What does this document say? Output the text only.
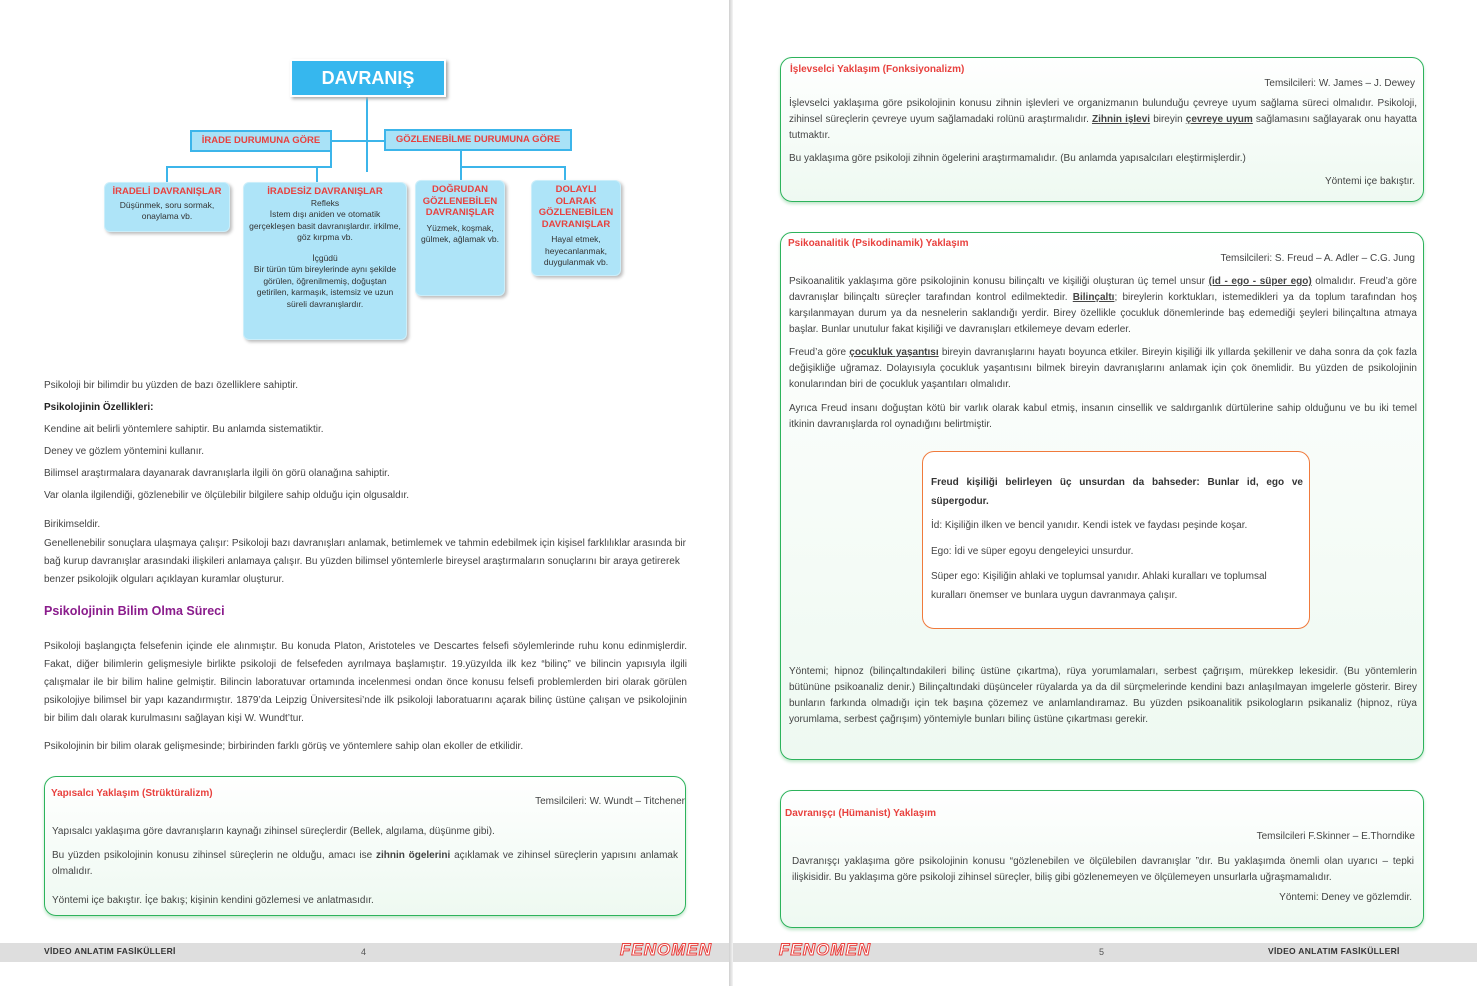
DAVRANIŞ
İRADE DURUMUNA GÖRE	GÖZLENEBİLME DURUMUNA GÖRE
İRADELİ DAVRANIŞLAR
Düşünmek, soru sormak, onaylama vb.
İRADESİZ DAVRANIŞLAR
Refleks
İstem dışı aniden ve otomatik gerçekleşen basit davranışlardır. irkilme, göz kırpma vb.
İçgüdü
Bir türün tüm bireylerinde aynı şekilde görülen, öğrenilmemiş, doğuştan getirilen, karmaşık, istemsiz ve uzun süreli davranışlardır.
DOĞRUDAN GÖZLENEBİLEN DAVRANIŞLAR
Yüzmek, koşmak, gülmek, ağlamak vb.
DOLAYLI OLARAK GÖZLENEBİLEN DAVRANIŞLAR
Hayal etmek, heyecanlanmak, duygulanmak vb.
Psikoloji bir bilimdir bu yüzden de bazı özelliklere sahiptir.
Psikolojinin Özellikleri:
Kendine ait belirli yöntemlere sahiptir. Bu anlamda sistematiktir.
Deney ve gözlem yöntemini kullanır.
Bilimsel araştırmalara dayanarak davranışlarla ilgili ön görü olanağına sahiptir.
Var olanla ilgilendiği, gözlenebilir ve ölçülebilir bilgilere sahip olduğu için olgusaldır.
Birikimseldir.
Genellenebilir sonuçlara ulaşmaya çalışır: Psikoloji bazı davranışları anlamak, betimlemek ve tahmin edebilmek için kişisel farklılıklar arasında bir bağ kurup davranışlar arasındaki ilişkileri anlamaya çalışır. Bu yüzden bilimsel yöntemlerle bireysel araştırmaların sonuçlarını bir araya getirerek benzer psikolojik olguları açıklayan kuramlar oluşturur.
Psikolojinin Bilim Olma Süreci
Psikoloji başlangıçta felsefenin içinde ele alınmıştır. Bu konuda Platon, Aristoteles ve Descartes felsefi söylemlerinde ruhu konu edinmişlerdir. Fakat, diğer bilimlerin gelişmesiyle birlikte psikoloji de felsefeden ayrılmaya başlamıştır. 19.yüzyılda ilk kez “bilinç” ve bilincin yapısıyla ilgili çalışmalar ile bir bilim haline gelmiştir. Bilincin laboratuvar ortamında incelenmesi ondan önce konusu felsefi problemlerden biri olarak görülen psikolojiye bilimsel bir yapı kazandırmıştır. 1879’da Leipzig Üniversitesi’nde ilk psikoloji laboratuarını açarak bilinç üstüne çalışan ve psikolojinin bir bilim dalı olarak kurulmasını sağlayan kişi W. Wundt’tur.
Psikolojinin bir bilim olarak gelişmesinde; birbirinden farklı görüş ve yöntemlere sahip olan ekoller de etkilidir.
Yapısalcı Yaklaşım (Strüktüralizm)
Temsilcileri: W. Wundt – Titchener

Yapısalcı yaklaşıma göre davranışların kaynağı zihinsel süreçlerdir (Bellek, algılama, düşünme gibi).

Bu yüzden psikolojinin konusu zihinsel süreçlerin ne olduğu, amacı ise zihnin ögelerini açıklamak ve zihinsel süreçlerin yapısını anlamak olmalıdır.

Yöntemi içe bakıştır. İçe bakış; kişinin kendini gözlemesi ve anlatmasıdır.

VİDEO ANLATIM FASİKÜLLERİ	4	FENOMEN
İşlevselci Yaklaşım (Fonksiyonalizm)
Temsilcileri: W. James – J. Dewey

İşlevselci yaklaşıma göre psikolojinin konusu zihnin işlevleri ve organizmanın bulunduğu çevreye uyum sağlama süreci olmalıdır. Psikoloji, zihinsel süreçlerin çevreye uyum sağlamadaki rolünü araştırmalıdır. Zihnin işlevi bireyin çevreye uyum sağlamasını sağlayarak onu hayatta tutmaktır.

Bu yaklaşıma göre psikoloji zihnin ögelerini araştırmamalıdır. (Bu anlamda yapısalcıları eleştirmişlerdir.)

Yöntemi içe bakıştır.

Psikoanalitik (Psikodinamik) Yaklaşım
Temsilcileri: S. Freud – A. Adler – C.G. Jung

Psikoanalitik yaklaşıma göre psikolojinin konusu bilinçaltı ve kişiliği oluşturan üç temel unsur (id - ego - süper ego) olmalıdır. Freud’a göre davranışlar bilinçaltı süreçler tarafından kontrol edilmektedir. Bilinçaltı; bireylerin korktukları, istemedikleri ya da toplum tarafından hoş karşılanmayan durum ya da nesnelerin saklandığı yerdir. Birey özellikle çocukluk dönemlerinde baş edemediği şeyleri bilinçaltına atmaya başlar. Bunlar unutulur fakat kişiliği ve davranışları etkilemeye devam ederler.

Freud’a göre çocukluk yaşantısı bireyin davranışlarını hayatı boyunca etkiler. Bireyin kişiliği ilk yıllarda şekillenir ve daha sonra da çok fazla değişikliğe uğramaz. Dolayısıyla çocukluk yaşantısını bilmek bireyin davranışlarını anlamak için çok önemlidir. Bu yüzden de psikolojinin konularından biri de çocukluk yaşantıları olmalıdır.

Ayrıca Freud insanı doğuştan kötü bir varlık olarak kabul etmiş, insanın cinsellik ve saldırganlık dürtülerine sahip olduğunu ve bu iki temel itkinin davranışlarda rol oynadığını belirtmiştir.

Yöntemi; hipnoz (bilinçaltındakileri bilinç üstüne çıkartma), rüya yorumlamaları, serbest çağrışım, mürekkep lekesidir. (Bu yöntemlerin bütününe psikoanaliz denir.) Bilinçaltındaki düşünceler rüyalarda ya da dil sürçmelerinde kendini bazı anlaşılmayan imgelerle gösterir. Birey bunların farkında olmadığı için tek başına çözemez ve anlamlandıramaz. Bu yüzden psikoanalitik psikologların psikanaliz (hipnoz, rüya yorumlama, serbest çağrışım) yöntemiyle bunları bilinç üstüne çıkartması gerekir.

Freud kişiliği belirleyen üç unsurdan da bahseder: Bunlar id, ego ve süpergodur.

İd: Kişiliğin ilken ve bencil yanıdır. Kendi istek ve faydası peşinde koşar.

Ego: İdi ve süper egoyu dengeleyici unsurdur.

Süper ego: Kişiliğin ahlaki ve toplumsal yanıdır. Ahlaki kuralları ve toplumsal kuralları önemser ve bunlara uygun davranmaya çalışır.

Davranışçı (Hümanist) Yaklaşım
Temsilcileri F.Skinner – E.Thorndike

Davranışçı yaklaşıma göre psikolojinin konusu “gözlenebilen ve ölçülebilen davranışlar ”dır. Bu yaklaşımda önemli olan uyarıcı – tepki ilişkisidir. Bu yaklaşıma göre psikoloji zihinsel süreçler, biliş gibi gözlenemeyen ve ölçülemeyen unsurlarla uğraşmamalıdır.

Yöntemi: Deney ve gözlemdir.

FENOMEN	5	VİDEO ANLATIM FASİKÜLLERİ
